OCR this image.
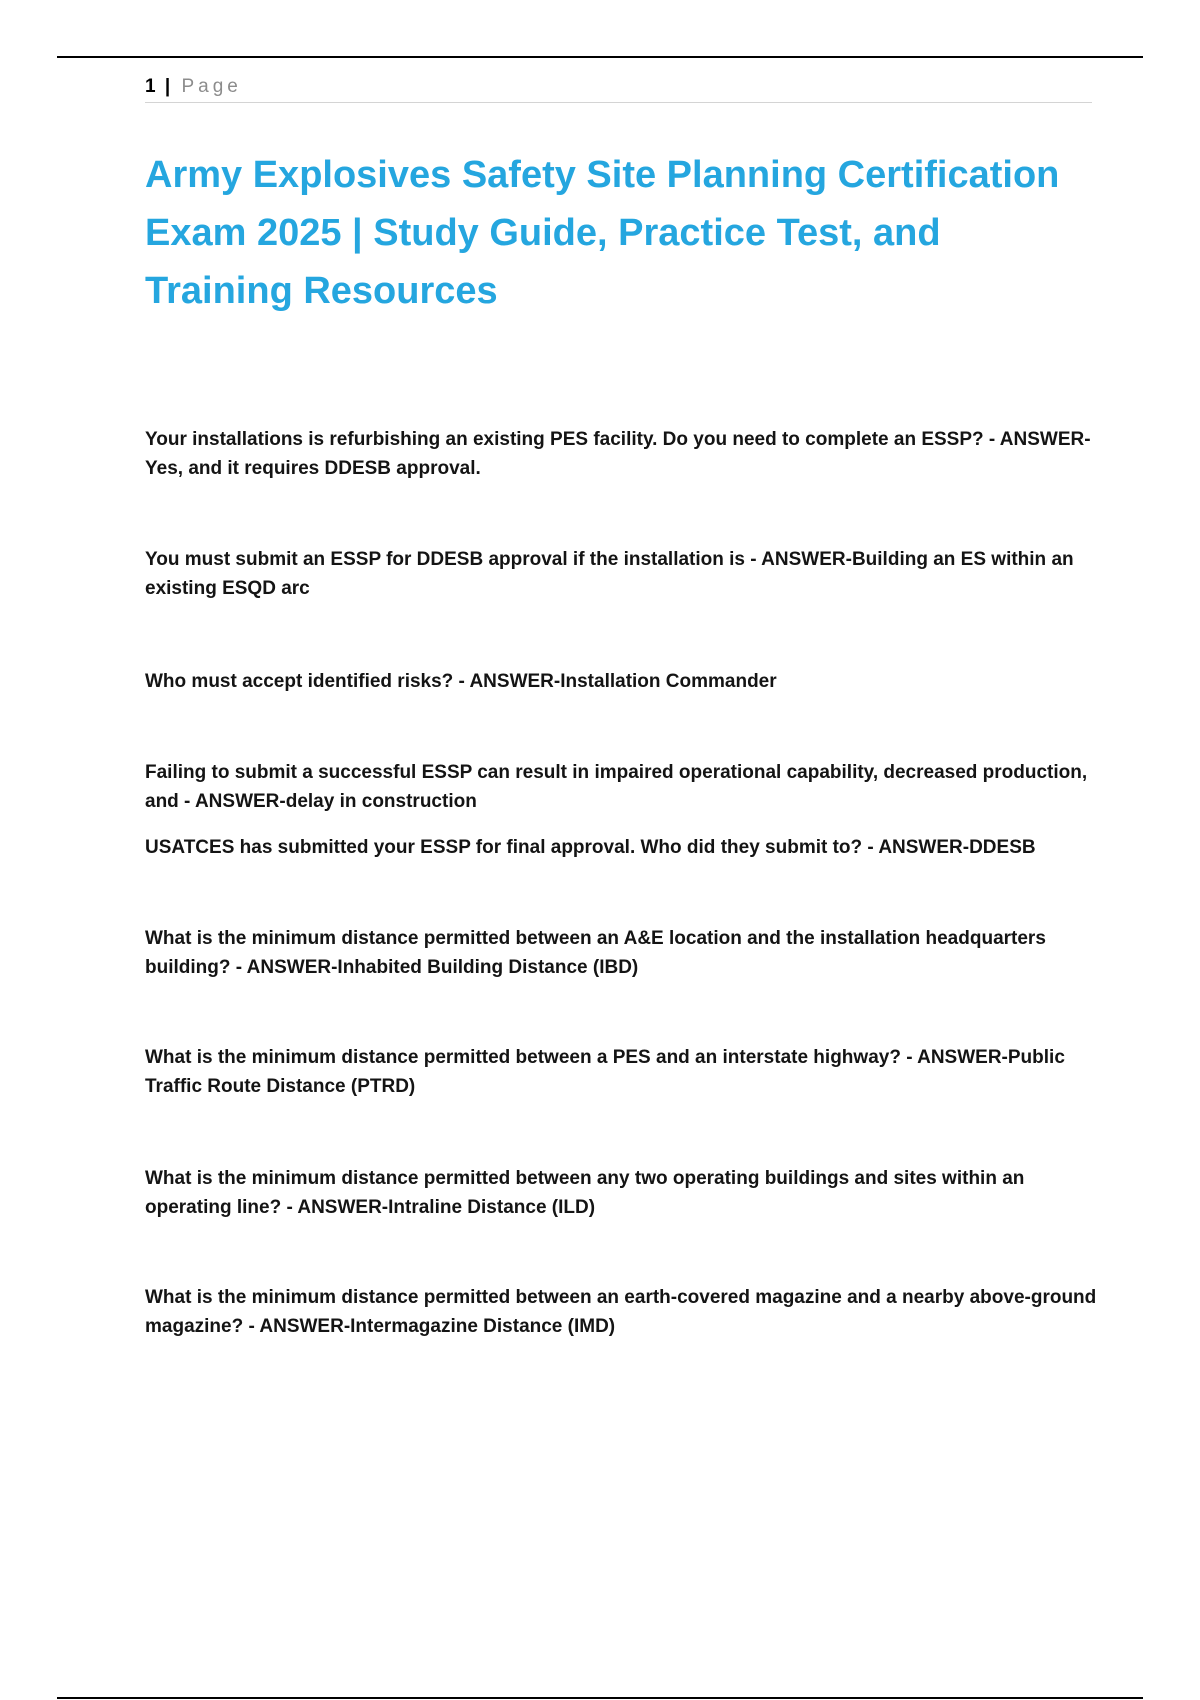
1 | Page
Army Explosives Safety Site Planning Certification Exam 2025 | Study Guide, Practice Test, and Training Resources

Your installations is refurbishing an existing PES facility. Do you need to complete an ESSP? - ANSWER-Yes, and it requires DDESB approval.

You must submit an ESSP for DDESB approval if the installation is - ANSWER-Building an ES within an existing ESQD arc

Who must accept identified risks? - ANSWER-Installation Commander

Failing to submit a successful ESSP can result in impaired operational capability, decreased production, and - ANSWER-delay in construction

USATCES has submitted your ESSP for final approval. Who did they submit to? - ANSWER-DDESB

What is the minimum distance permitted between an A&E location and the installation headquarters building? - ANSWER-Inhabited Building Distance (IBD)

What is the minimum distance permitted between a PES and an interstate highway? - ANSWER-Public Traffic Route Distance (PTRD)

What is the minimum distance permitted between any two operating buildings and sites within an operating line? - ANSWER-Intraline Distance (ILD)

What is the minimum distance permitted between an earth-covered magazine and a nearby above-ground magazine? - ANSWER-Intermagazine Distance (IMD)
